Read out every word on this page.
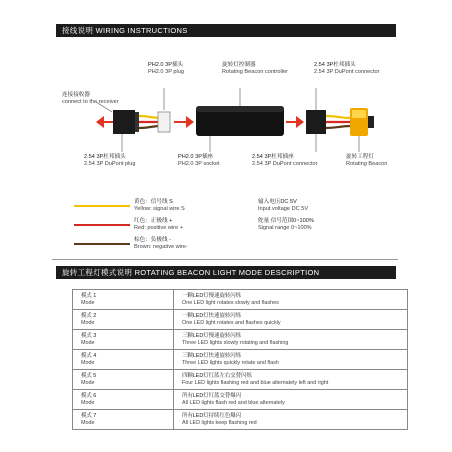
接线说明 WIRING INSTRUCTIONS
PH2.0 3P插头
PH2.0 3P plug
旋转灯控制器
Rotating Beacon controller
2.54 3P杜邦插头
2.54 3P DuPont connector
连接接收器
connect to the receiver
2.54 3P杜邦插头
2.54 3P DuPont plug
PH2.0 3P插座
PH2.0 3P socket
2.54 3P杜邦插座
2.54 3P DuPont connector
旋转工程灯
Rotating Beacon
黄色：信号线 S
Yellow: signal wire S
红色：正极线 +
Red: positive wire +
棕色：负极线 -
Brown: negative wire-
输入电压DC 5V
Input voltage DC 5V
舵量 信号范围0~100%
Signal range 0~100%
旋转工程灯模式说明 ROTATING BEACON LIGHT MODE DESCRIPTION
模式 1
Mode	一颗LED灯慢速旋转闪烁
One LED light rotates slowly and flashes

模式 2
Mode	一颗LED灯快速旋转闪烁
One LED light rotates and flashes quickly

模式 3
Mode	三颗LED灯慢速旋转闪烁
Three LED lights slowly rotating and flashing

模式 4
Mode	三颗LED灯快速旋转闪烁
Three LED lights quickly rotate and flash

模式 5
Mode	四颗LED灯红蓝左右交替闪烁
Four LED lights flashing red and blue alternately left and right

模式 6
Mode	所有LED灯红蓝交替爆闪
All LED lights flash red and blue alternately

模式 7
Mode	所有LED灯持续红色爆闪
All LED lights keep flashing red
